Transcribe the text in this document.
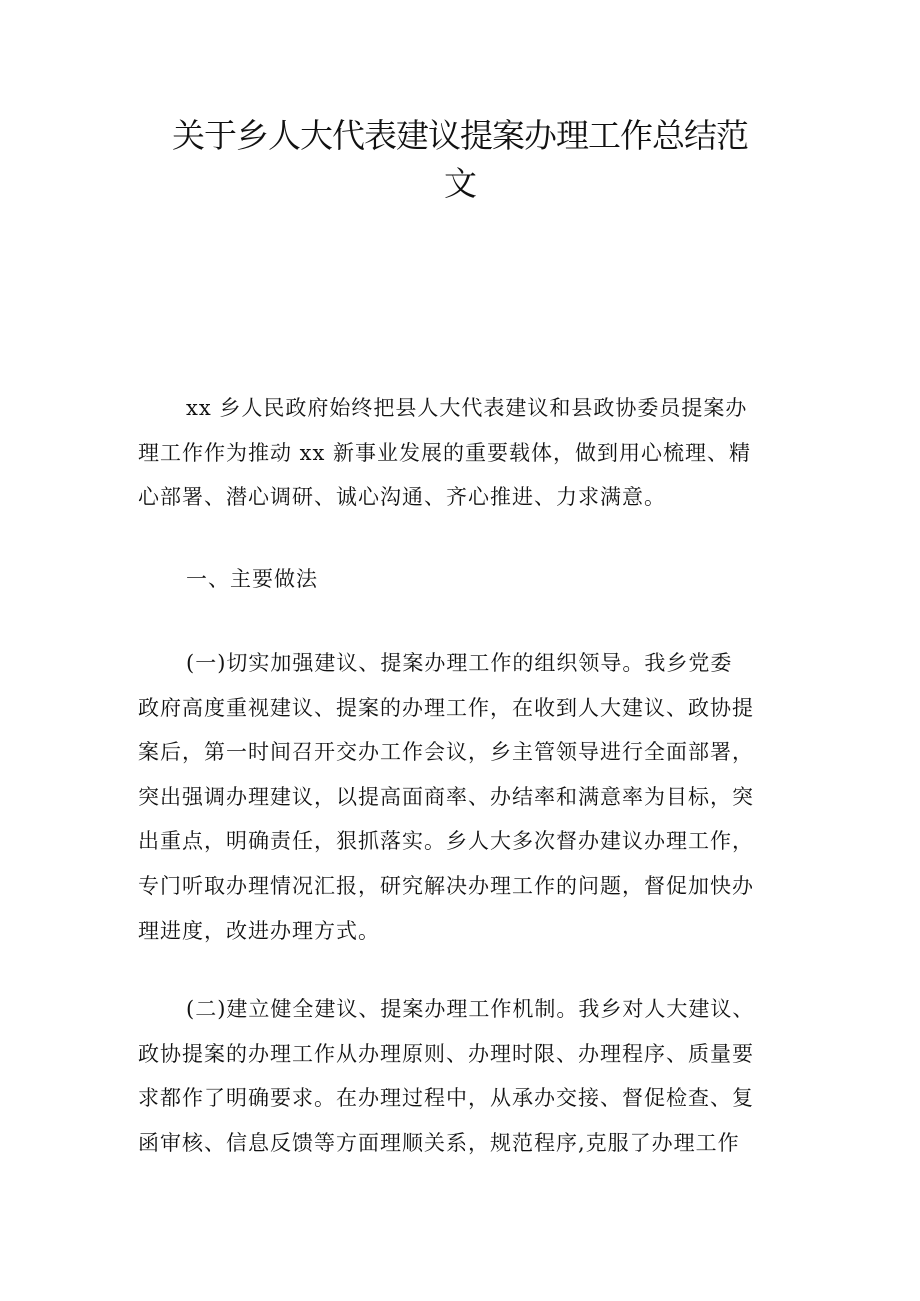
关于乡人大代表建议提案办理工作总结范
文
xx 乡人民政府始终把县人大代表建议和县政协委员提案办
理工作作为推动 xx 新事业发展的重要载体，做到用心梳理、精
心部署、潜心调研、诚心沟通、齐心推进、力求满意。
一、主要做法
(一)切实加强建议、提案办理工作的组织领导。我乡党委
政府高度重视建议、提案的办理工作，在收到人大建议、政协提
案后，第一时间召开交办工作会议，乡主管领导进行全面部署，
突出强调办理建议，以提高面商率、办结率和满意率为目标，突
出重点，明确责任，狠抓落实。乡人大多次督办建议办理工作，
专门听取办理情况汇报，研究解决办理工作的问题，督促加快办
理进度，改进办理方式。
(二)建立健全建议、提案办理工作机制。我乡对人大建议、
政协提案的办理工作从办理原则、办理时限、办理程序、质量要
求都作了明确要求。在办理过程中，从承办交接、督促检查、复
函审核、信息反馈等方面理顺关系，规范程序,克服了办理工作
